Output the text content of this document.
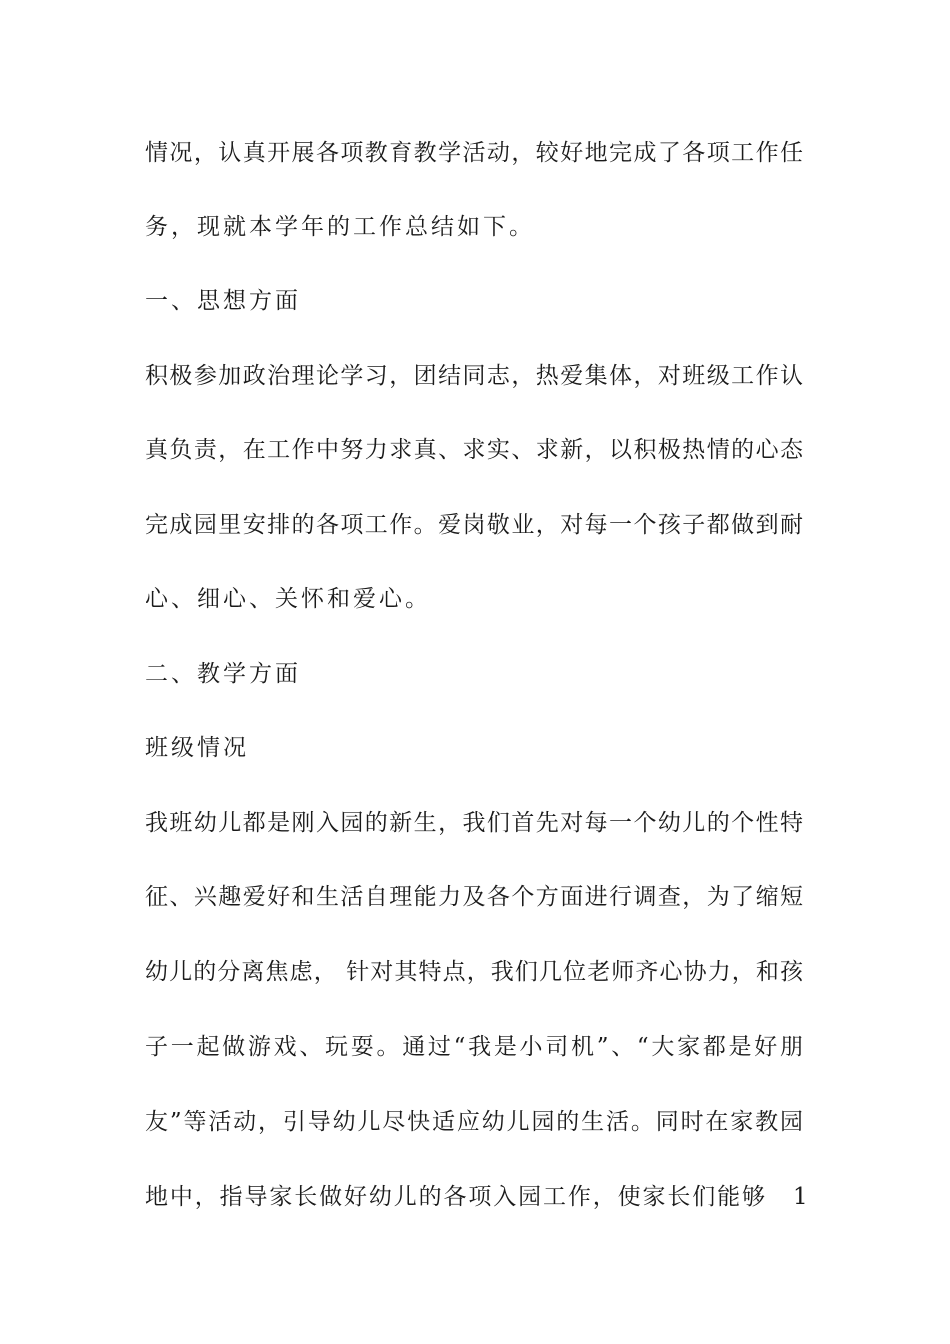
情况，认真开展各项教育教学活动，较好地完成了各项工作任
务，现就本学年的工作总结如下。
一、思想方面
积极参加政治理论学习，团结同志，热爱集体，对班级工作认
真负责，在工作中努力求真、求实、求新，以积极热情的心态
完成园里安排的各项工作。爱岗敬业，对每一个孩子都做到耐
心、细心、关怀和爱心。
二、教学方面
班级情况
我班幼儿都是刚入园的新生，我们首先对每一个幼儿的个性特
征、兴趣爱好和生活自理能力及各个方面进行调查，为了缩短
幼儿的分离焦虑， 针对其特点，我们几位老师齐心协力，和孩
子一起做游戏、玩耍。通过“我是小司机”、“大家都是好朋
友”等活动，引导幼儿尽快适应幼儿园的生活。同时在家教园
地中，指导家长做好幼儿的各项入园工作，使家长们能够 1
